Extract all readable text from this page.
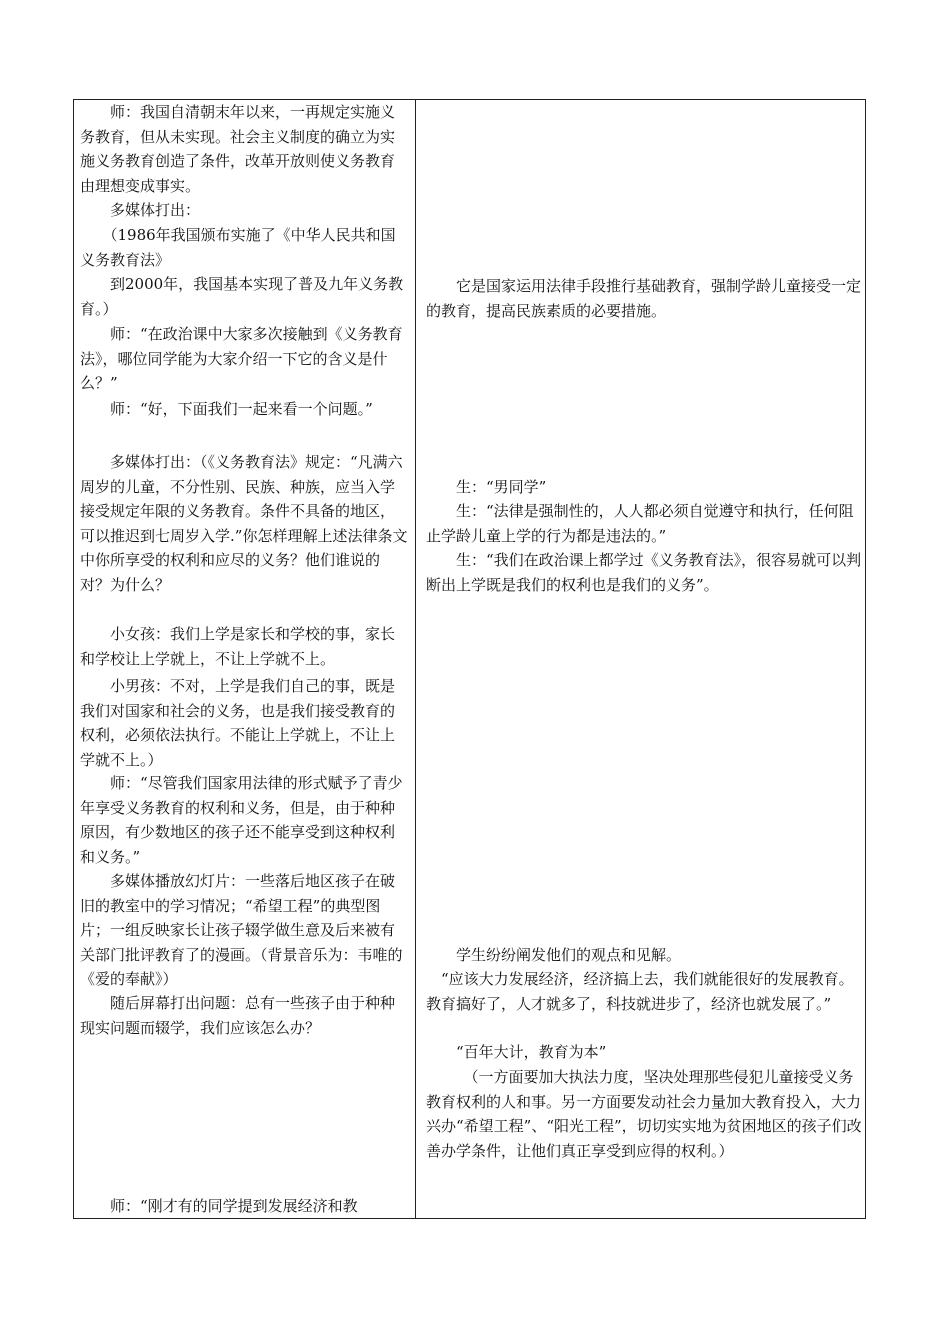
　　师：我国自清朝末年以来，一再规定实施义务教育，但从未实现。社会主义制度的确立为实施义务教育创造了条件，改革开放则使义务教育由理想变成事实。

　　多媒体打出：

　　（1986年我国颁布实施了《中华人民共和国义务教育法》

　　到2000年，我国基本实现了普及九年义务教育。）

　　师：“在政治课中大家多次接触到《义务教育法》，哪位同学能为大家介绍一下它的含义是什么？”

　　师：“好，下面我们一起来看一个问题。”

　　多媒体打出：（《义务教育法》规定：“凡满六周岁的儿童，不分性别、民族、种族，应当入学接受规定年限的义务教育。条件不具备的地区，可以推迟到七周岁入学.”你怎样理解上述法律条文中你所享受的权利和应尽的义务？他们谁说的对？为什么？

　　小女孩：我们上学是家长和学校的事，家长和学校让上学就上，不让上学就不上。

　　小男孩：不对，上学是我们自己的事，既是我们对国家和社会的义务，也是我们接受教育的权利，必须依法执行。不能让上学就上，不让上学就不上。）

　　师：“尽管我们国家用法律的形式赋予了青少年享受义务教育的权利和义务，但是，由于种种原因，有少数地区的孩子还不能享受到这种权利和义务。”

　　多媒体播放幻灯片：一些落后地区孩子在破旧的教室中的学习情况；“希望工程”的典型图片；一组反映家长让孩子辍学做生意及后来被有关部门批评教育了的漫画。（背景音乐为：韦唯的《爱的奉献》）

　　随后屏幕打出问题：总有一些孩子由于种种现实问题而辍学，我们应该怎么办？

　　师：“刚才有的同学提到发展经济和教

　　它是国家运用法律手段推行基础教育，强制学龄儿童接受一定的教育，提高民族素质的必要措施。

　　生：“男同学”

　　生：“法律是强制性的，人人都必须自觉遵守和执行，任何阻止学龄儿童上学的行为都是违法的。”

　　生：“我们在政治课上都学过《义务教育法》，很容易就可以判断出上学既是我们的权利也是我们的义务”。

　　学生纷纷阐发他们的观点和见解。

　“应该大力发展经济，经济搞上去，我们就能很好的发展教育。教育搞好了，人才就多了，科技就进步了，经济也就发展了。”

　　“百年大计，教育为本”

　　　（一方面要加大执法力度，坚决处理那些侵犯儿童接受义务教育权利的人和事。另一方面要发动社会力量加大教育投入，大力兴办“希望工程”、“阳光工程”，切切实实地为贫困地区的孩子们改善办学条件，让他们真正享受到应得的权利。）
